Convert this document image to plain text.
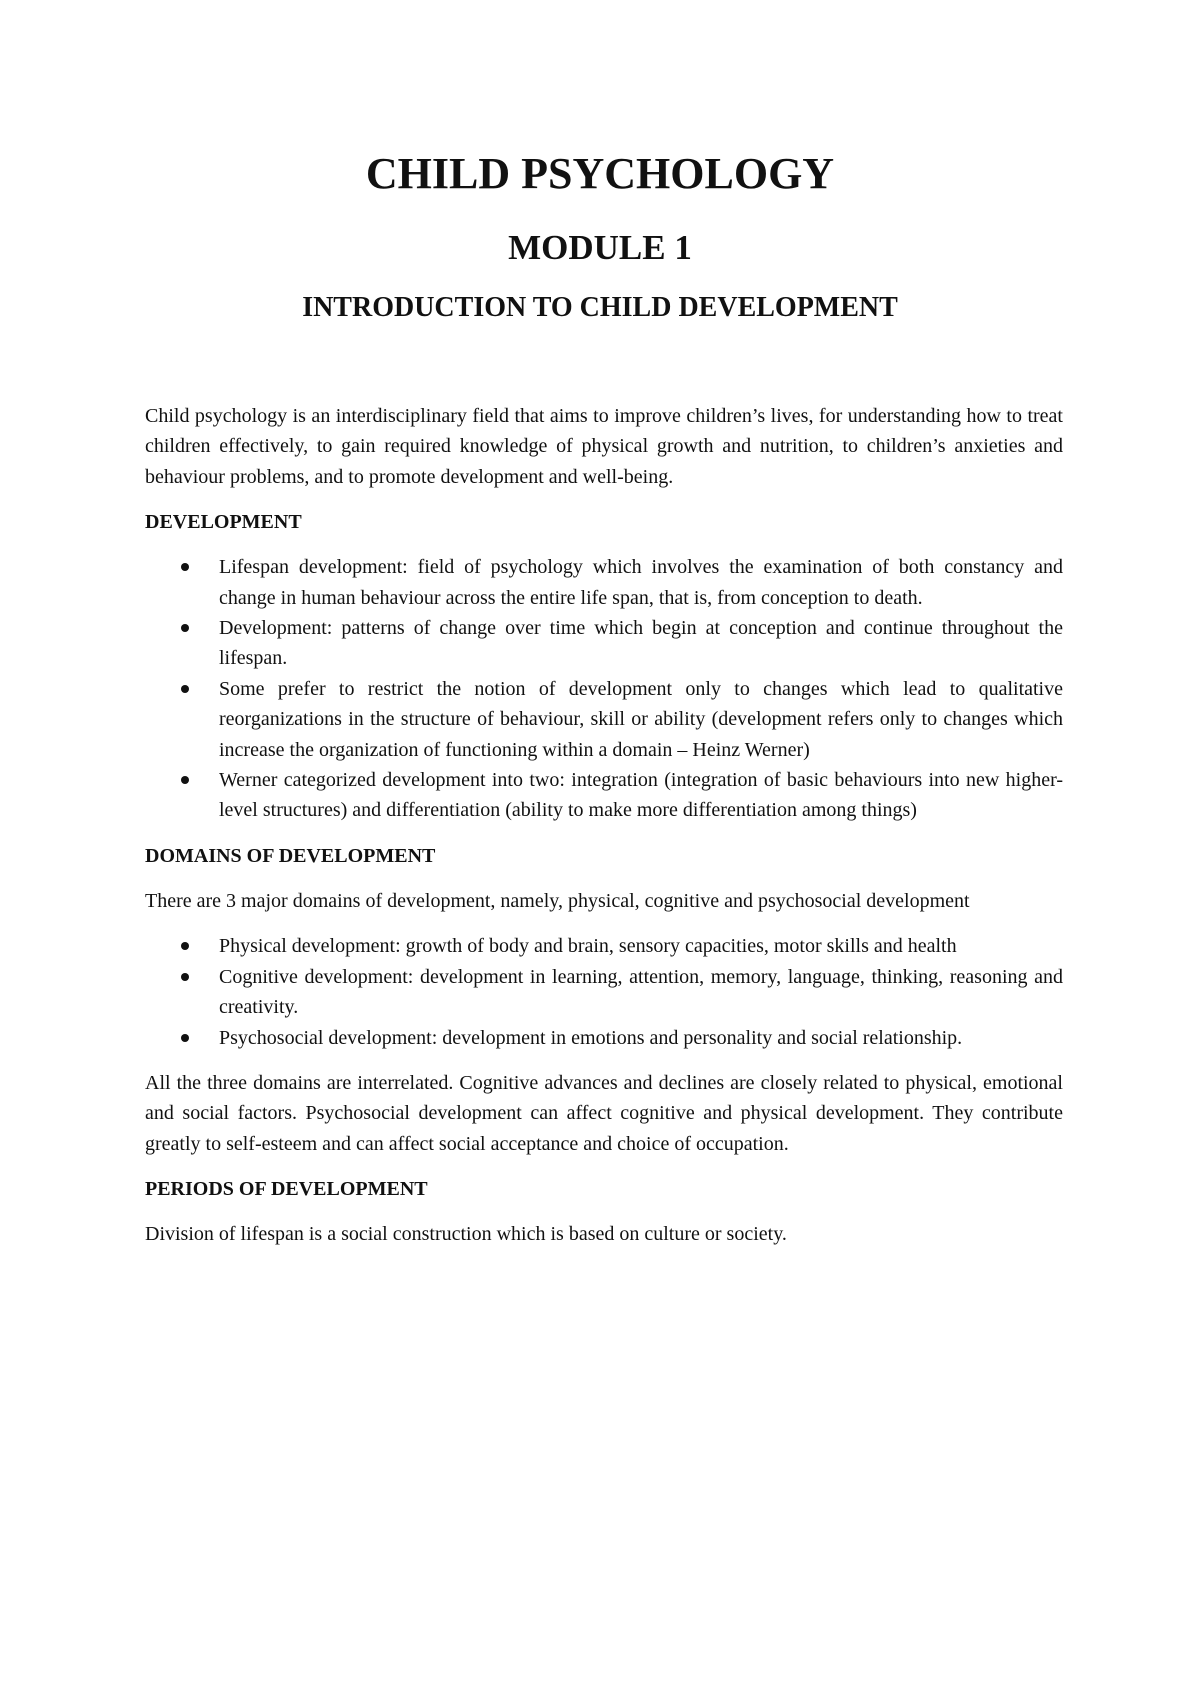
CHILD PSYCHOLOGY
MODULE 1
INTRODUCTION TO CHILD DEVELOPMENT

Child psychology is an interdisciplinary field that aims to improve children’s lives, for understanding how to treat children effectively, to gain required knowledge of physical growth and nutrition, to children’s anxieties and behaviour problems, and to promote development and well-being.

DEVELOPMENT
Lifespan development: field of psychology which involves the examination of both constancy and change in human behaviour across the entire life span, that is, from conception to death.
Development: patterns of change over time which begin at conception and continue throughout the lifespan.
Some prefer to restrict the notion of development only to changes which lead to qualitative reorganizations in the structure of behaviour, skill or ability (development refers only to changes which increase the organization of functioning within a domain – Heinz Werner)
Werner categorized development into two: integration (integration of basic behaviours into new higher-level structures) and differentiation (ability to make more differentiation among things)
DOMAINS OF DEVELOPMENT

There are 3 major domains of development, namely, physical, cognitive and psychosocial development

Physical development: growth of body and brain, sensory capacities, motor skills and health
Cognitive development: development in learning, attention, memory, language, thinking, reasoning and creativity.
Psychosocial development: development in emotions and personality and social relationship.

All the three domains are interrelated. Cognitive advances and declines are closely related to physical, emotional and social factors. Psychosocial development can affect cognitive and physical development. They contribute greatly to self-esteem and can affect social acceptance and choice of occupation.

PERIODS OF DEVELOPMENT

Division of lifespan is a social construction which is based on culture or society.
